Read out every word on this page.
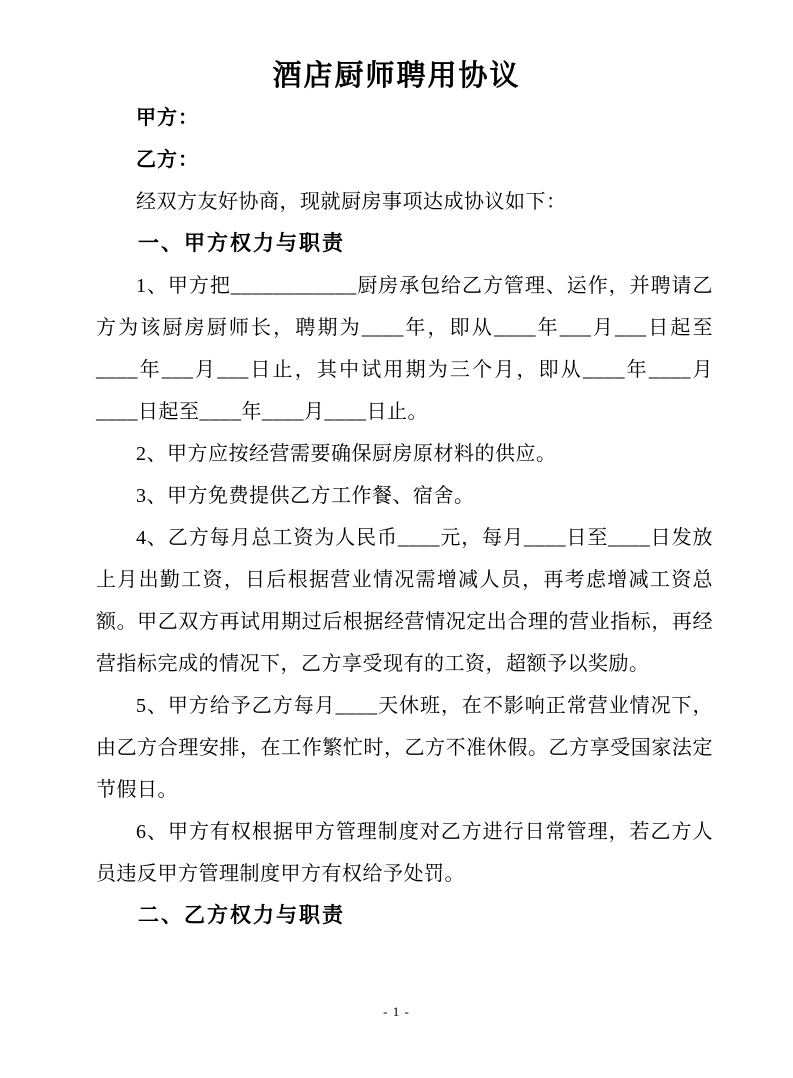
酒店厨师聘用协议

甲方：

乙方：

经双方友好协商，现就厨房事项达成协议如下：

一、甲方权力与职责

1、甲方把____________厨房承包给乙方管理、运作，并聘请乙方为该厨房厨师长，聘期为____年，即从____年___月___日起至____年___月___日止，其中试用期为三个月，即从____年____月____日起至____年____月____日止。

2、甲方应按经营需要确保厨房原材料的供应。

3、甲方免费提供乙方工作餐、宿舍。

4、乙方每月总工资为人民币____元，每月____日至____日发放上月出勤工资，日后根据营业情况需增减人员，再考虑增减工资总额。甲乙双方再试用期过后根据经营情况定出合理的营业指标，再经营指标完成的情况下，乙方享受现有的工资，超额予以奖励。

5、甲方给予乙方每月____天休班，在不影响正常营业情况下，由乙方合理安排，在工作繁忙时，乙方不准休假。乙方享受国家法定节假日。

6、甲方有权根据甲方管理制度对乙方进行日常管理，若乙方人员违反甲方管理制度甲方有权给予处罚。

二、乙方权力与职责

- 1 -
